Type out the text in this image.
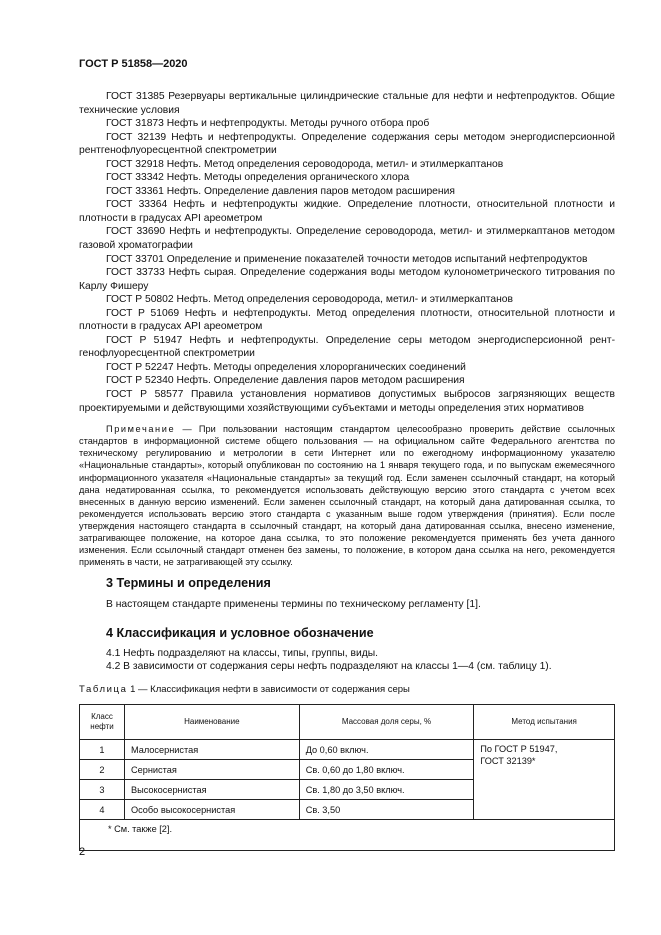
ГОСТ Р 51858—2020
ГОСТ 31385 Резервуары вертикальные цилиндрические стальные для нефти и нефтепродуктов. Общие технические условия
ГОСТ 31873 Нефть и нефтепродукты. Методы ручного отбора проб
ГОСТ 32139 Нефть и нефтепродукты. Определение содержания серы методом энергодисперсионной рентгенофлуоресцентной спектрометрии
ГОСТ 32918 Нефть. Метод определения сероводорода, метил- и этилмеркаптанов
ГОСТ 33342 Нефть. Методы определения органического хлора
ГОСТ 33361 Нефть. Определение давления паров методом расширения
ГОСТ 33364 Нефть и нефтепродукты жидкие. Определение плотности, относительной плотности и плотности в градусах API ареометром
ГОСТ 33690 Нефть и нефтепродукты. Определение сероводорода, метил- и этилмеркаптанов методом газовой хроматографии
ГОСТ 33701 Определение и применение показателей точности методов испытаний нефтепродуктов
ГОСТ 33733 Нефть сырая. Определение содержания воды методом кулонометрического титрования по Карлу Фишеру
ГОСТ Р 50802 Нефть. Метод определения сероводорода, метил- и этилмеркаптанов
ГОСТ Р 51069 Нефть и нефтепродукты. Метод определения плотности, относительной плотности и плотности в градусах API ареометром
ГОСТ Р 51947 Нефть и нефтепродукты. Определение серы методом энергодисперсионной рентгенофлуоресцентной спектрометрии
ГОСТ Р 52247 Нефть. Методы определения хлорорганических соединений
ГОСТ Р 52340 Нефть. Определение давления паров методом расширения
ГОСТ Р 58577 Правила установления нормативов допустимых выбросов загрязняющих веществ проектируемыми и действующими хозяйствующими субъектами и методы определения этих нормативов
Примечание — При пользовании настоящим стандартом целесообразно проверить действие ссылочных стандартов в информационной системе общего пользования — на официальном сайте Федерального агентства по техническому регулированию и метрологии в сети Интернет или по ежегодному информационному указателю «Национальные стандарты», который опубликован по состоянию на 1 января текущего года, и по выпускам ежемесячного информационного указателя «Национальные стандарты» за текущий год. Если заменен ссылочный стандарт, на который дана недатированная ссылка, то рекомендуется использовать действующую версию этого стандарта с учетом всех внесенных в данную версию изменений. Если заменен ссылочный стандарт, на который дана датированная ссылка, то рекомендуется использовать версию этого стандарта с указанным выше годом утверждения (принятия). Если после утверждения настоящего стандарта в ссылочный стандарт, на который дана датированная ссылка, внесено изменение, затрагивающее положение, на которое дана ссылка, то это положение рекомендуется применять без учета данного изменения. Если ссылочный стандарт отменен без замены, то положение, в котором дана ссылка на него, рекомендуется применять в части, не затрагивающей эту ссылку.
3 Термины и определения
В настоящем стандарте применены термины по техническому регламенту [1].
4 Классификация и условное обозначение
4.1 Нефть подразделяют на классы, типы, группы, виды.
4.2 В зависимости от содержания серы нефть подразделяют на классы 1—4 (см. таблицу 1).
Таблица 1 — Классификация нефти в зависимости от содержания серы
Класс нефти	Наименование	Массовая доля серы, %	Метод испытания
1	Малосернистая	До 0,60 включ.	По ГОСТ Р 51947,
ГОСТ 32139*

2	Сернистая	Св. 0,60 до 1,80 включ.	
3	Высокосернистая	Св. 1,80 до 3,50 включ.	
4	Особо высокосернистая	Св. 3,50	
* См. также [2].			
2
